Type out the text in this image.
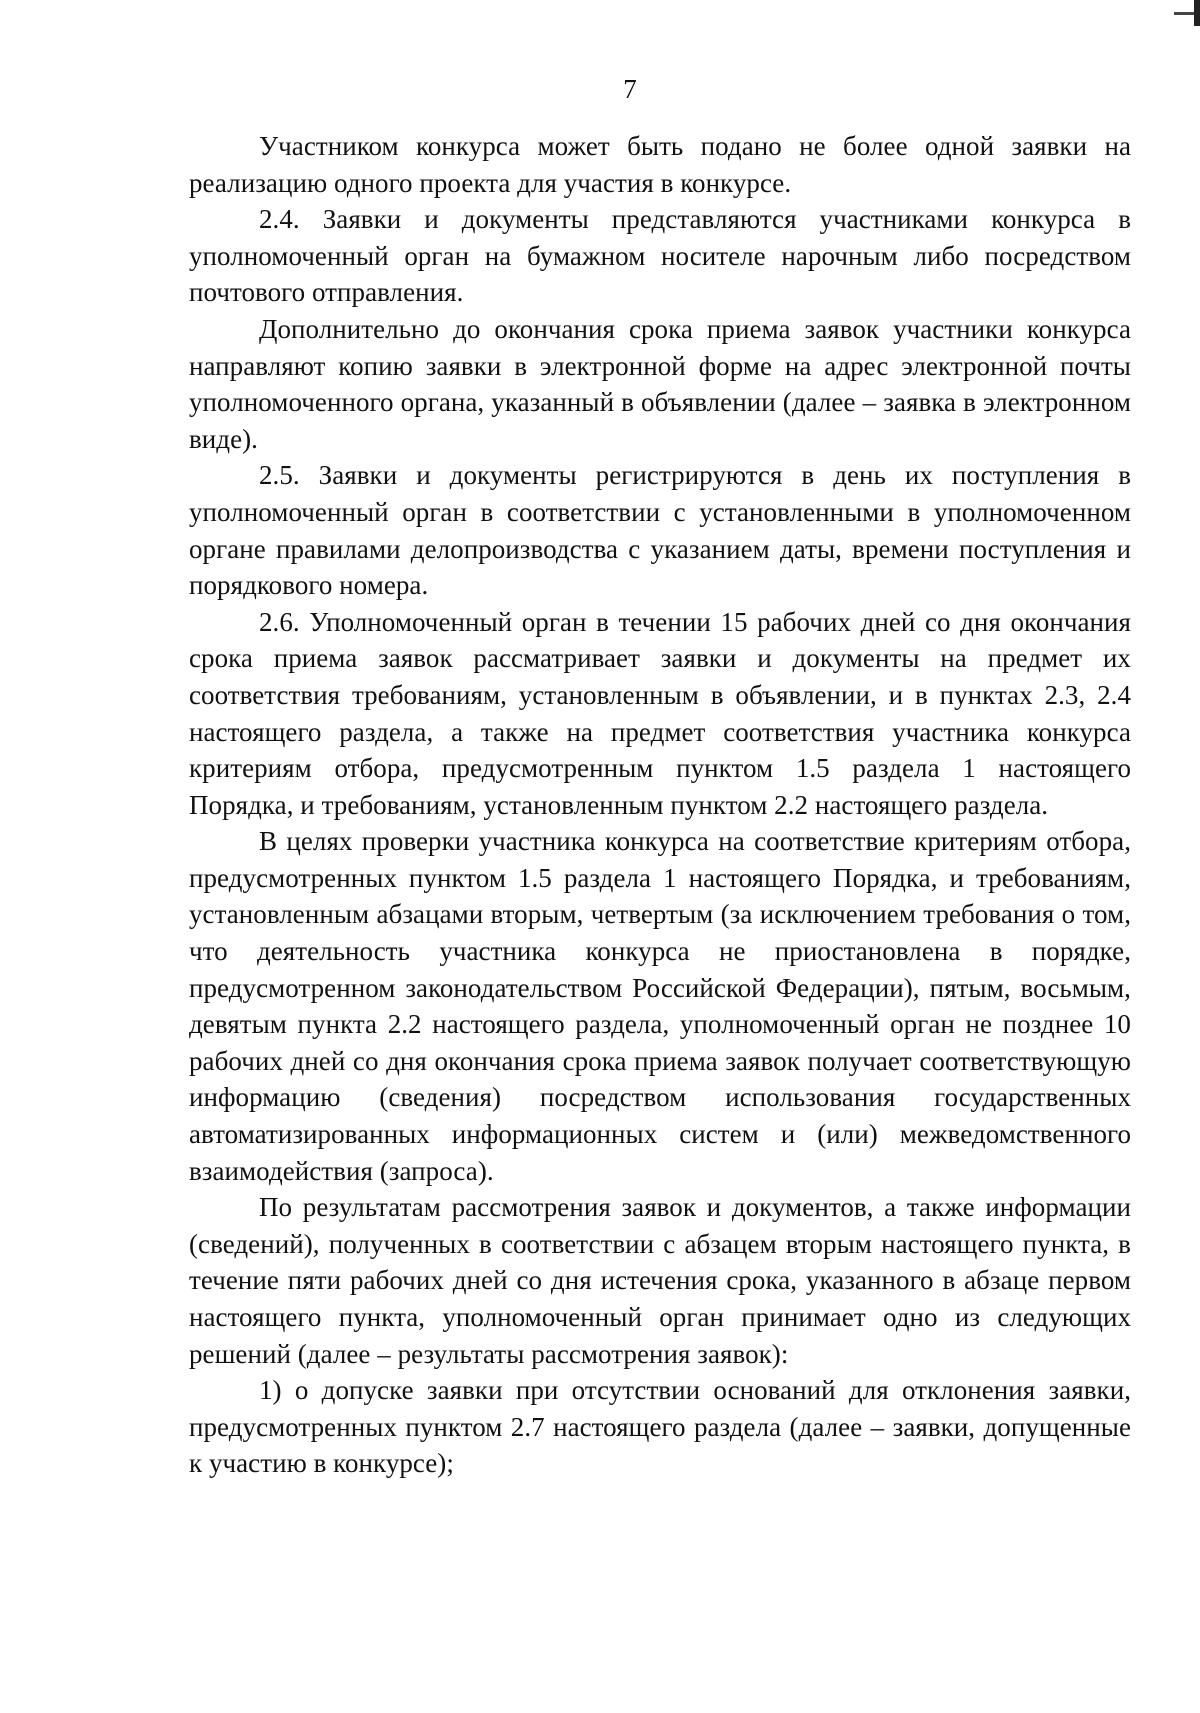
7

Участником конкурса может быть подано не более одной заявки на реализацию одного проекта для участия в конкурсе.

2.4. Заявки и документы представляются участниками конкурса в уполномоченный орган на бумажном носителе нарочным либо посредством почтового отправления.

Дополнительно до окончания срока приема заявок участники конкурса направляют копию заявки в электронной форме на адрес электронной почты уполномоченного органа, указанный в объявлении (далее – заявка в электронном виде).

2.5. Заявки и документы регистрируются в день их поступления в уполномоченный орган в соответствии с установленными в уполномоченном органе правилами делопроизводства с указанием даты, времени поступления и порядкового номера.

2.6. Уполномоченный орган в течении 15 рабочих дней со дня окончания срока приема заявок рассматривает заявки и документы на предмет их соответствия требованиям, установленным в объявлении, и в пунктах 2.3, 2.4 настоящего раздела, а также на предмет соответствия участника конкурса критериям отбора, предусмотренным пунктом 1.5 раздела 1 настоящего Порядка, и требованиям, установленным пунктом 2.2 настоящего раздела.

В целях проверки участника конкурса на соответствие критериям отбора, предусмотренных пунктом 1.5 раздела 1 настоящего Порядка, и требованиям, установленным абзацами вторым, четвертым (за исключением требования о том, что деятельность участника конкурса не приостановлена в порядке, предусмотренном законодательством Российской Федерации), пятым, восьмым, девятым пункта 2.2 настоящего раздела, уполномоченный орган не позднее 10 рабочих дней со дня окончания срока приема заявок получает соответствующую информацию (сведения) посредством использования государственных автоматизированных информационных систем и (или) межведомственного взаимодействия (запроса).

По результатам рассмотрения заявок и документов, а также информации (сведений), полученных в соответствии с абзацем вторым настоящего пункта, в течение пяти рабочих дней со дня истечения срока, указанного в абзаце первом настоящего пункта, уполномоченный орган принимает одно из следующих решений (далее – результаты рассмотрения заявок):

1) о допуске заявки при отсутствии оснований для отклонения заявки, предусмотренных пунктом 2.7 настоящего раздела (далее – заявки, допущенные к участию в конкурсе);
